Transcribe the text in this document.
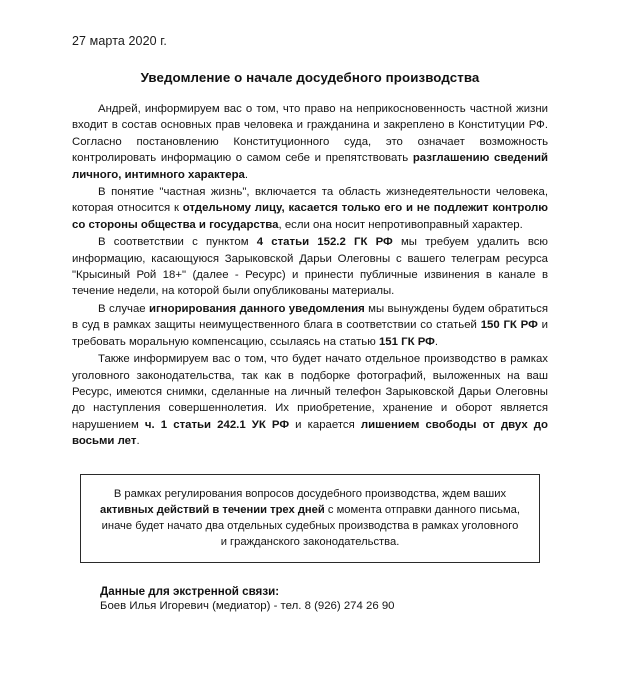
27 марта 2020 г.
Уведомление о начале досудебного производства

Андрей, информируем вас о том, что право на неприкосновенность частной жизни входит в состав основных прав человека и гражданина и закреплено в Конституции РФ. Согласно постановлению Конституционного суда, это означает возможность контролировать информацию о самом себе и препятствовать разглашению сведений личного, интимного характера.

В понятие "частная жизнь", включается та область жизнедеятельности человека, которая относится к отдельному лицу, касается только его и не подлежит контролю со стороны общества и государства, если она носит непротивоправный характер.

В соответствии с пунктом 4 статьи 152.2 ГК РФ мы требуем удалить всю информацию, касающуюся Зарыковской Дарьи Олеговны с вашего телеграм ресурса "Крысиный Рой 18+" (далее - Ресурс) и принести публичные извинения в канале в течение недели, на которой были опубликованы материалы.

В случае игнорирования данного уведомления мы вынуждены будем обратиться в суд в рамках защиты неимущественного блага в соответствии со статьей 150 ГК РФ и требовать моральную компенсацию, ссылаясь на статью 151 ГК РФ.

Также информируем вас о том, что будет начато отдельное производство в рамках уголовного законодательства, так как в подборке фотографий, выложенных на ваш Ресурс, имеются снимки, сделанные на личный телефон Зарыковской Дарьи Олеговны до наступления совершеннолетия. Их приобретение, хранение и оборот является нарушением ч. 1 статьи 242.1 УК РФ и карается лишением свободы от двух до восьми лет.

В рамках регулирования вопросов досудебного производства, ждем ваших активных действий в течении трех дней с момента отправки данного письма, иначе будет начато два отдельных судебных производства в рамках уголовного и гражданского законодательства.

Данные для экстренной связи:

Боев Илья Игоревич (медиатор) - тел. 8 (926) 274 26 90
